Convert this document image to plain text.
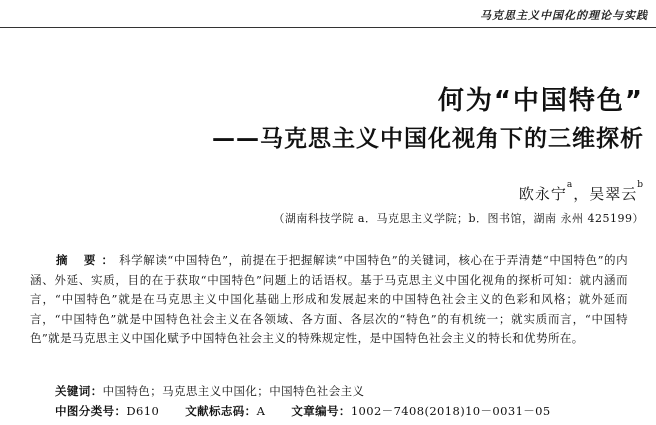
马克思主义中国化的理论与实践
何为“中国特色”
——马克思主义中国化视角下的三维探析
欧永宁$^a$，吴翠云$^b$
（湖南科技学院 a．马克思主义学院；b．图书馆，湖南 永州 425199）
摘 要：科学解读“中国特色”，前提在于把握解读“中国特色”的关键词，核心在于弄清楚“中国特色”的内涵、外延、实质，目的在于获取“中国特色”问题上的话语权。基于马克思主义中国化视角的探析可知：就内涵而言，“中国特色”就是在马克思主义中国化基础上形成和发展起来的中国特色社会主义的色彩和风格；就外延而言，“中国特色”就是中国特色社会主义在各领域、各方面、各层次的“特色”的有机统一；就实质而言，“中国特色”就是马克思主义中国化赋予中国特色社会主义的特殊规定性，是中国特色社会主义的特长和优势所在。
关键词：中国特色；马克思主义中国化；中国特色社会主义
中图分类号：D610 文献标志码：A 文章编号：1002－7408(2018)10－0031－05
